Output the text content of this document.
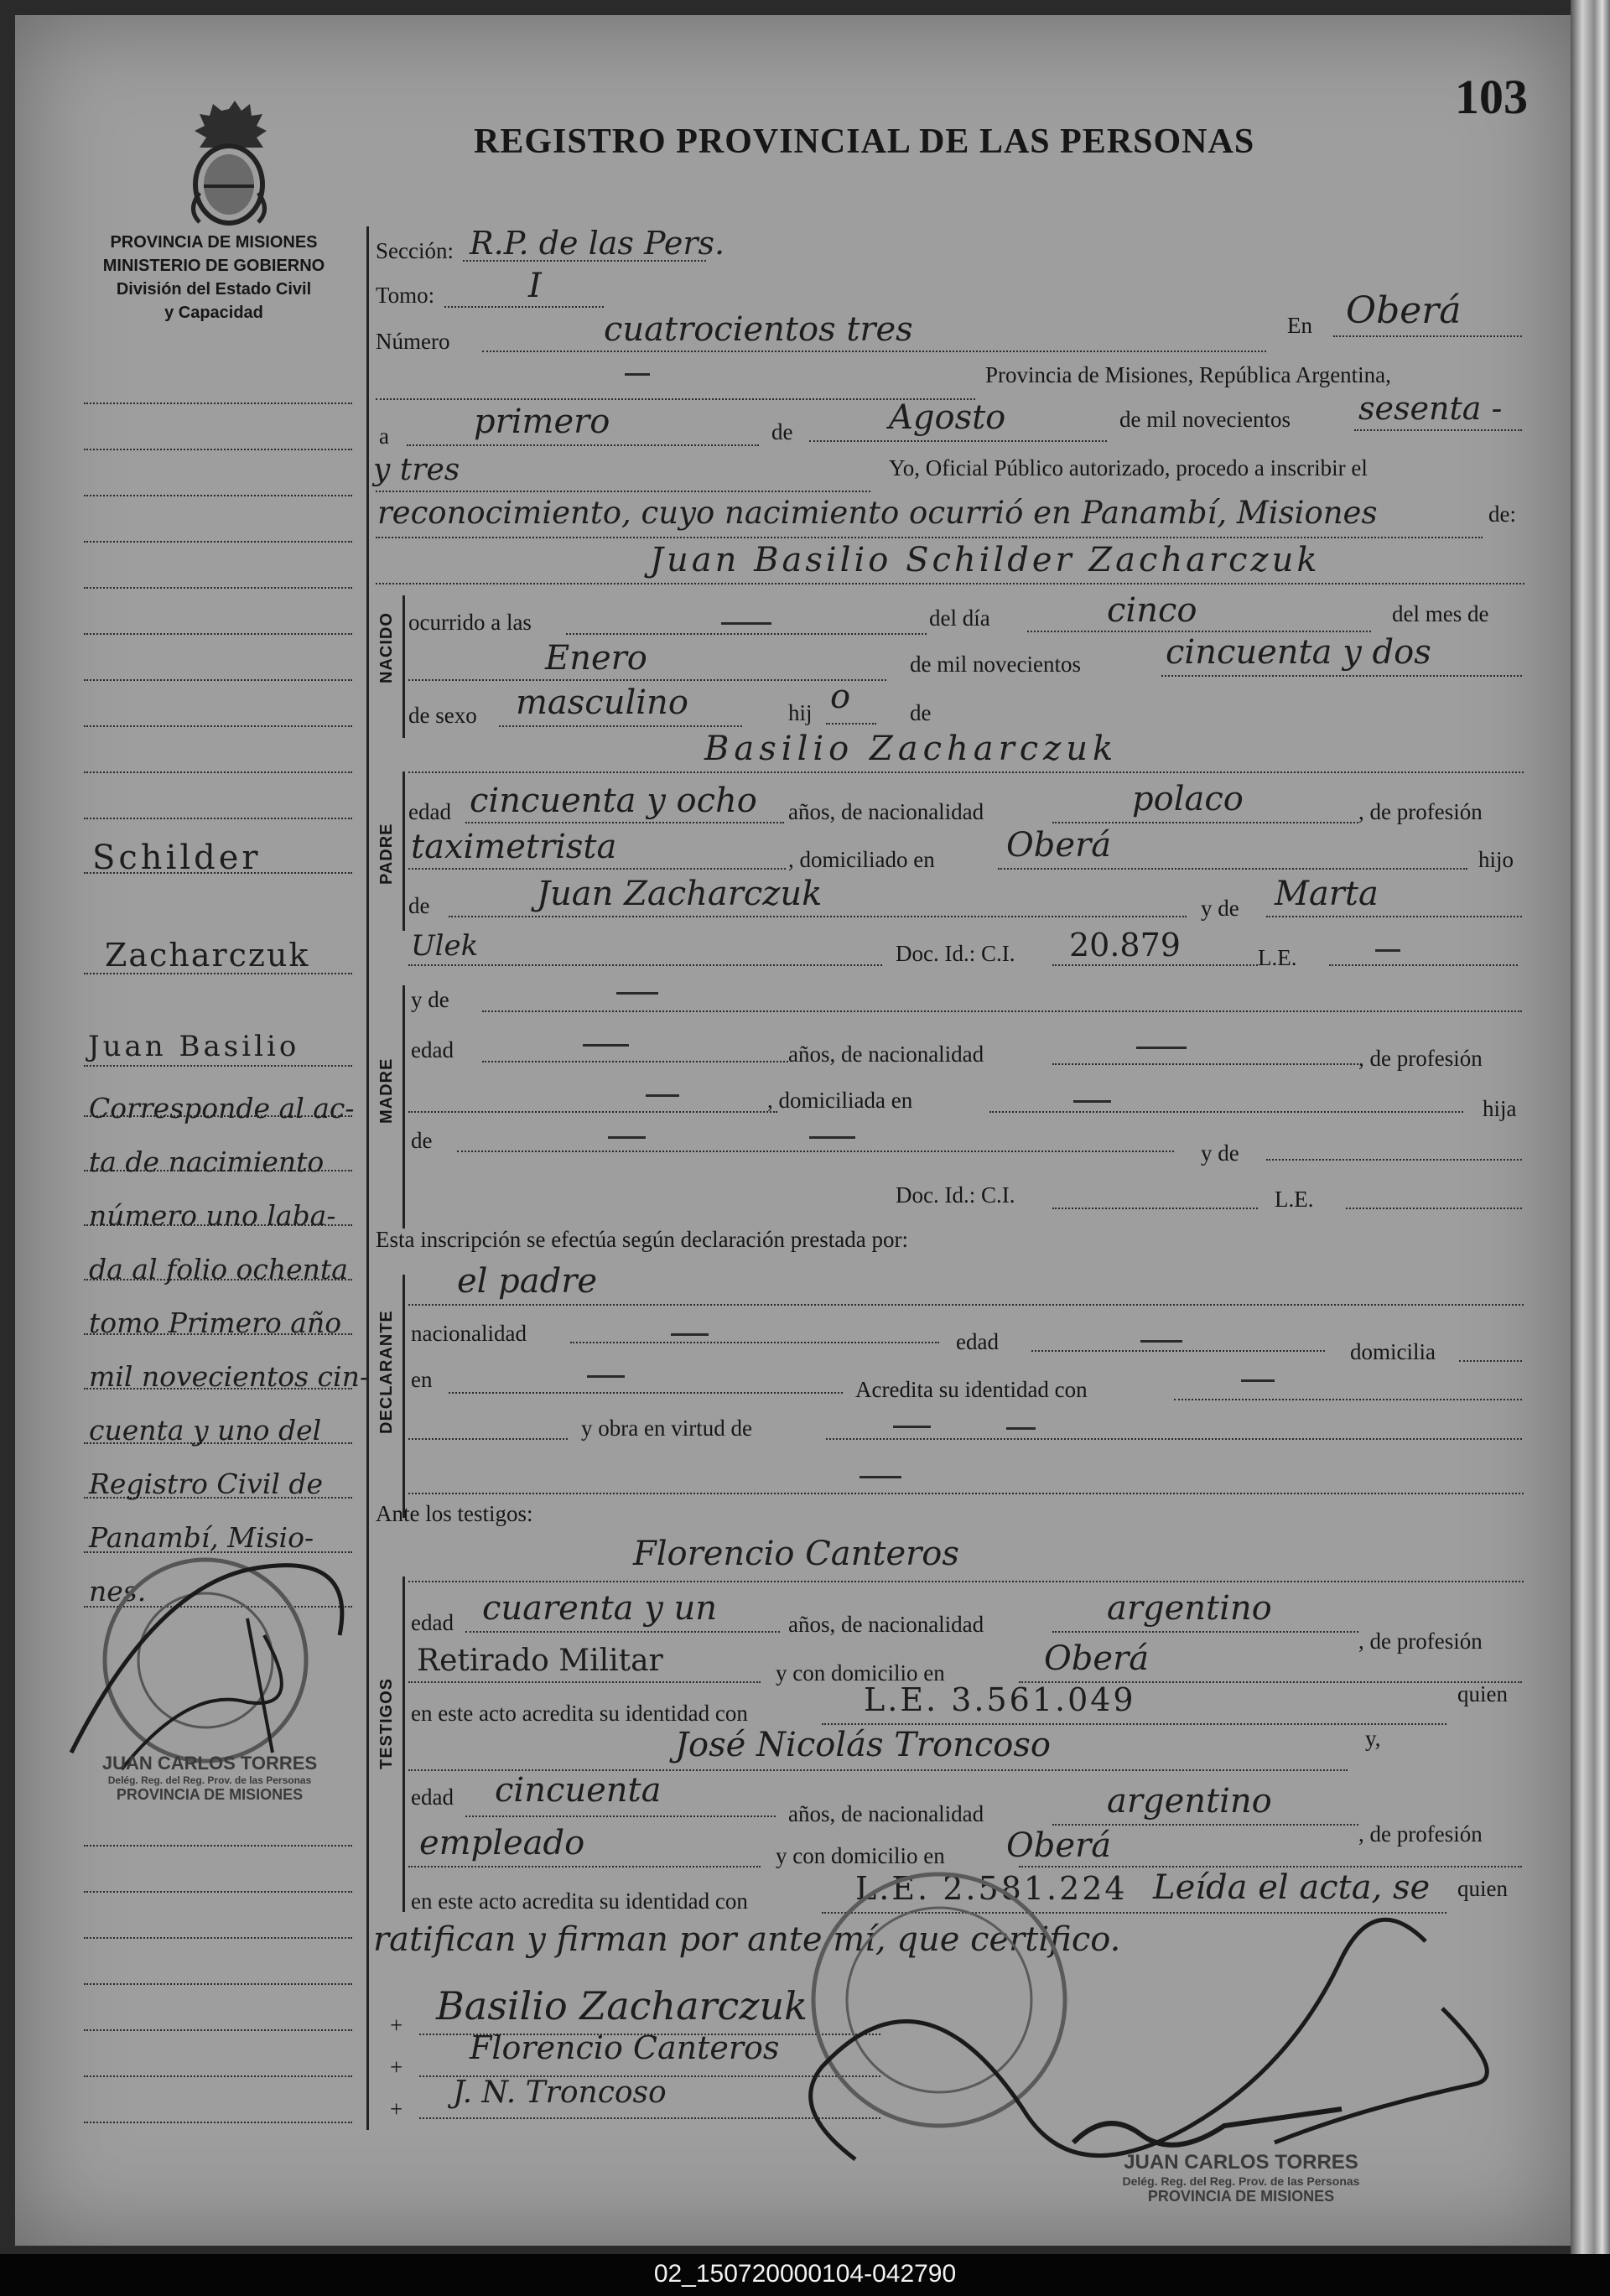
103
REGISTRO PROVINCIAL DE LAS PERSONAS
PROVINCIA DE MISIONES
MINISTERIO DE GOBIERNO
División del Estado Civil
y Capacidad
NACIDO
PADRE
MADRE
DECLARANTE
TESTIGOS
Schilder
Zacharczuk
Juan Basilio
Corresponde al ac-
ta de nacimiento
número uno laba-
da al folio ochenta
tomo Primero año
mil novecientos cin-
cuenta y uno del
Registro Civil de
Panambí, Misio-
nes.
JUAN CARLOS TORRES
Delég. Reg. del Reg. Prov. de las Personas
PROVINCIA DE MISIONES
Sección: R.P. de las Pers.
Tomo:	I
Número	cuatrocientos tres	En Oberá
Provincia de Misiones, República Argentina,
a	primero	de	Agosto	de mil novecientos sesenta -
y tres	Yo, Oficial Público autorizado, procedo a inscribir el
reconocimiento, cuyo nacimiento ocurrió en Panambí, Misiones	de:
Juan Basilio Schilder Zacharczuk
ocurrido a las	del día	cinco	del mes de
Enero	de mil novecientos	cincuenta y dos
de sexo masculino	hij o	de
Basilio Zacharczuk
edad cincuenta y ocho años, de nacionalidad	polaco	, de profesión
taximetrista	, domiciliado en Oberá	hijo
de	Juan Zacharczuk	y de Marta
Ulek	Doc. Id.: C.I. 20.879	L.E.
y de
edad	años, de nacionalidad	, de profesión
, domiciliada en	hija
de	y de
Doc. Id.: C.I.	L.E.
Esta inscripción se efectúa según declaración prestada por:
el padre
nacionalidad	edad	domicilia
en	Acredita su identidad con
y obra en virtud de
Ante los testigos:
Florencio Canteros
edad cuarenta y un	años, de nacionalidad	argentino
, de profesión
Retirado Militar	y con domicilio en	Oberá
en este acto acredita su identidad con	L.E. 3.561.049	quien
José Nicolás Troncoso	y,
edad cincuenta
años, de nacionalidad	argentino
, de profesión
empleado	y con domicilio en Oberá
en este acto acredita su identidad con	L.E. 2.581.224 Leída el acta, se quien
ratifican y firman por ante mí, que certifico.
+
+
+
Basilio Zacharczuk
Florencio Canteros
J. N. Troncoso
JUAN CARLOS TORRES
Delég. Reg. del Reg. Prov. de las Personas
PROVINCIA DE MISIONES
02_150720000104-042790
